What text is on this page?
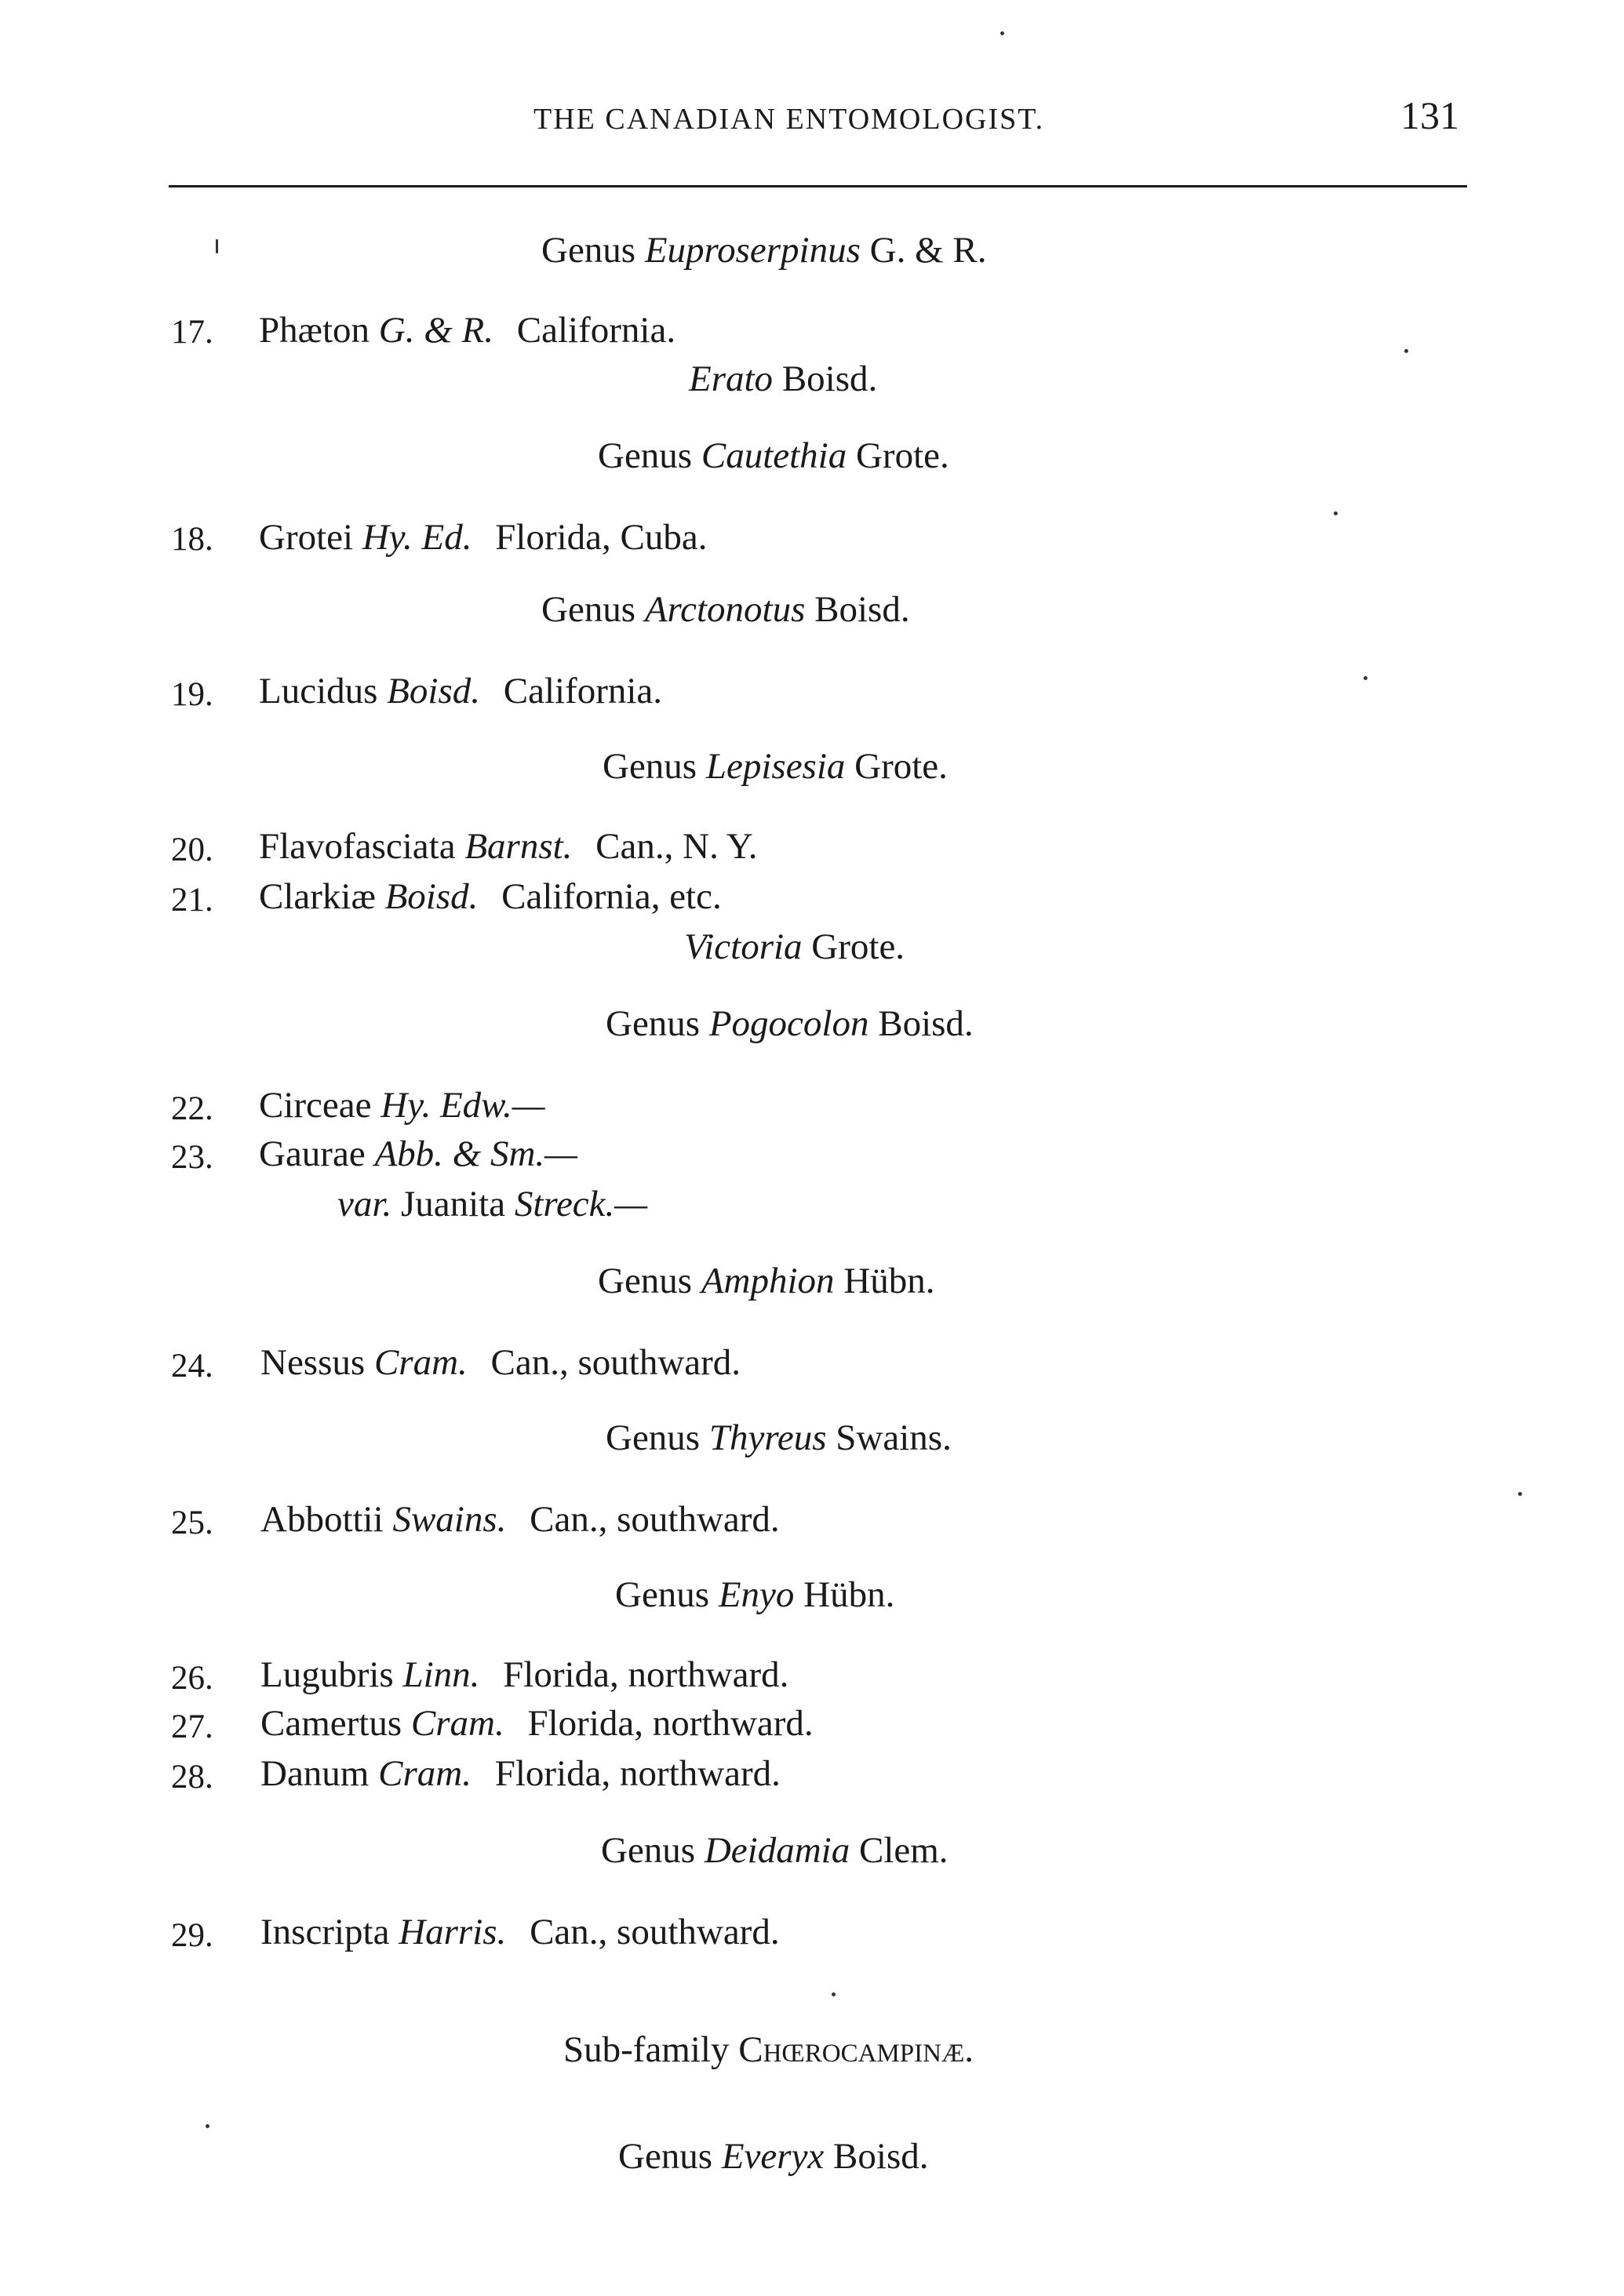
THE CANADIAN ENTOMOLOGIST.	131
Genus Euproserpinus G. & R.
17. Phæton G. & R. California.
Erato Boisd.
Genus Cautethia Grote.
18. Grotei Hy. Ed. Florida, Cuba.
Genus Arctonotus Boisd.
19. Lucidus Boisd. California.
Genus Lepisesia Grote.
20. Flavofasciata Barnst. Can., N. Y.
21. Clarkiæ Boisd. California, etc.
Victoria Grote.
Genus Pogocolon Boisd.
22. Circeae Hy. Edw.—
23. Gaurae Abb. & Sm.—
var. Juanita Streck.—
Genus Amphion Hübn.
24. Nessus Cram. Can., southward.
Genus Thyreus Swains.
25. Abbottii Swains. Can., southward.
Genus Enyo Hübn.
26. Lugubris Linn. Florida, northward.
27. Camertus Cram. Florida, northward.
28. Danum Cram. Florida, northward.
Genus Deidamia Clem.
29. Inscripta Harris. Can., southward.
Sub-family Chœrocampinæ.
Genus Everyx Boisd.
